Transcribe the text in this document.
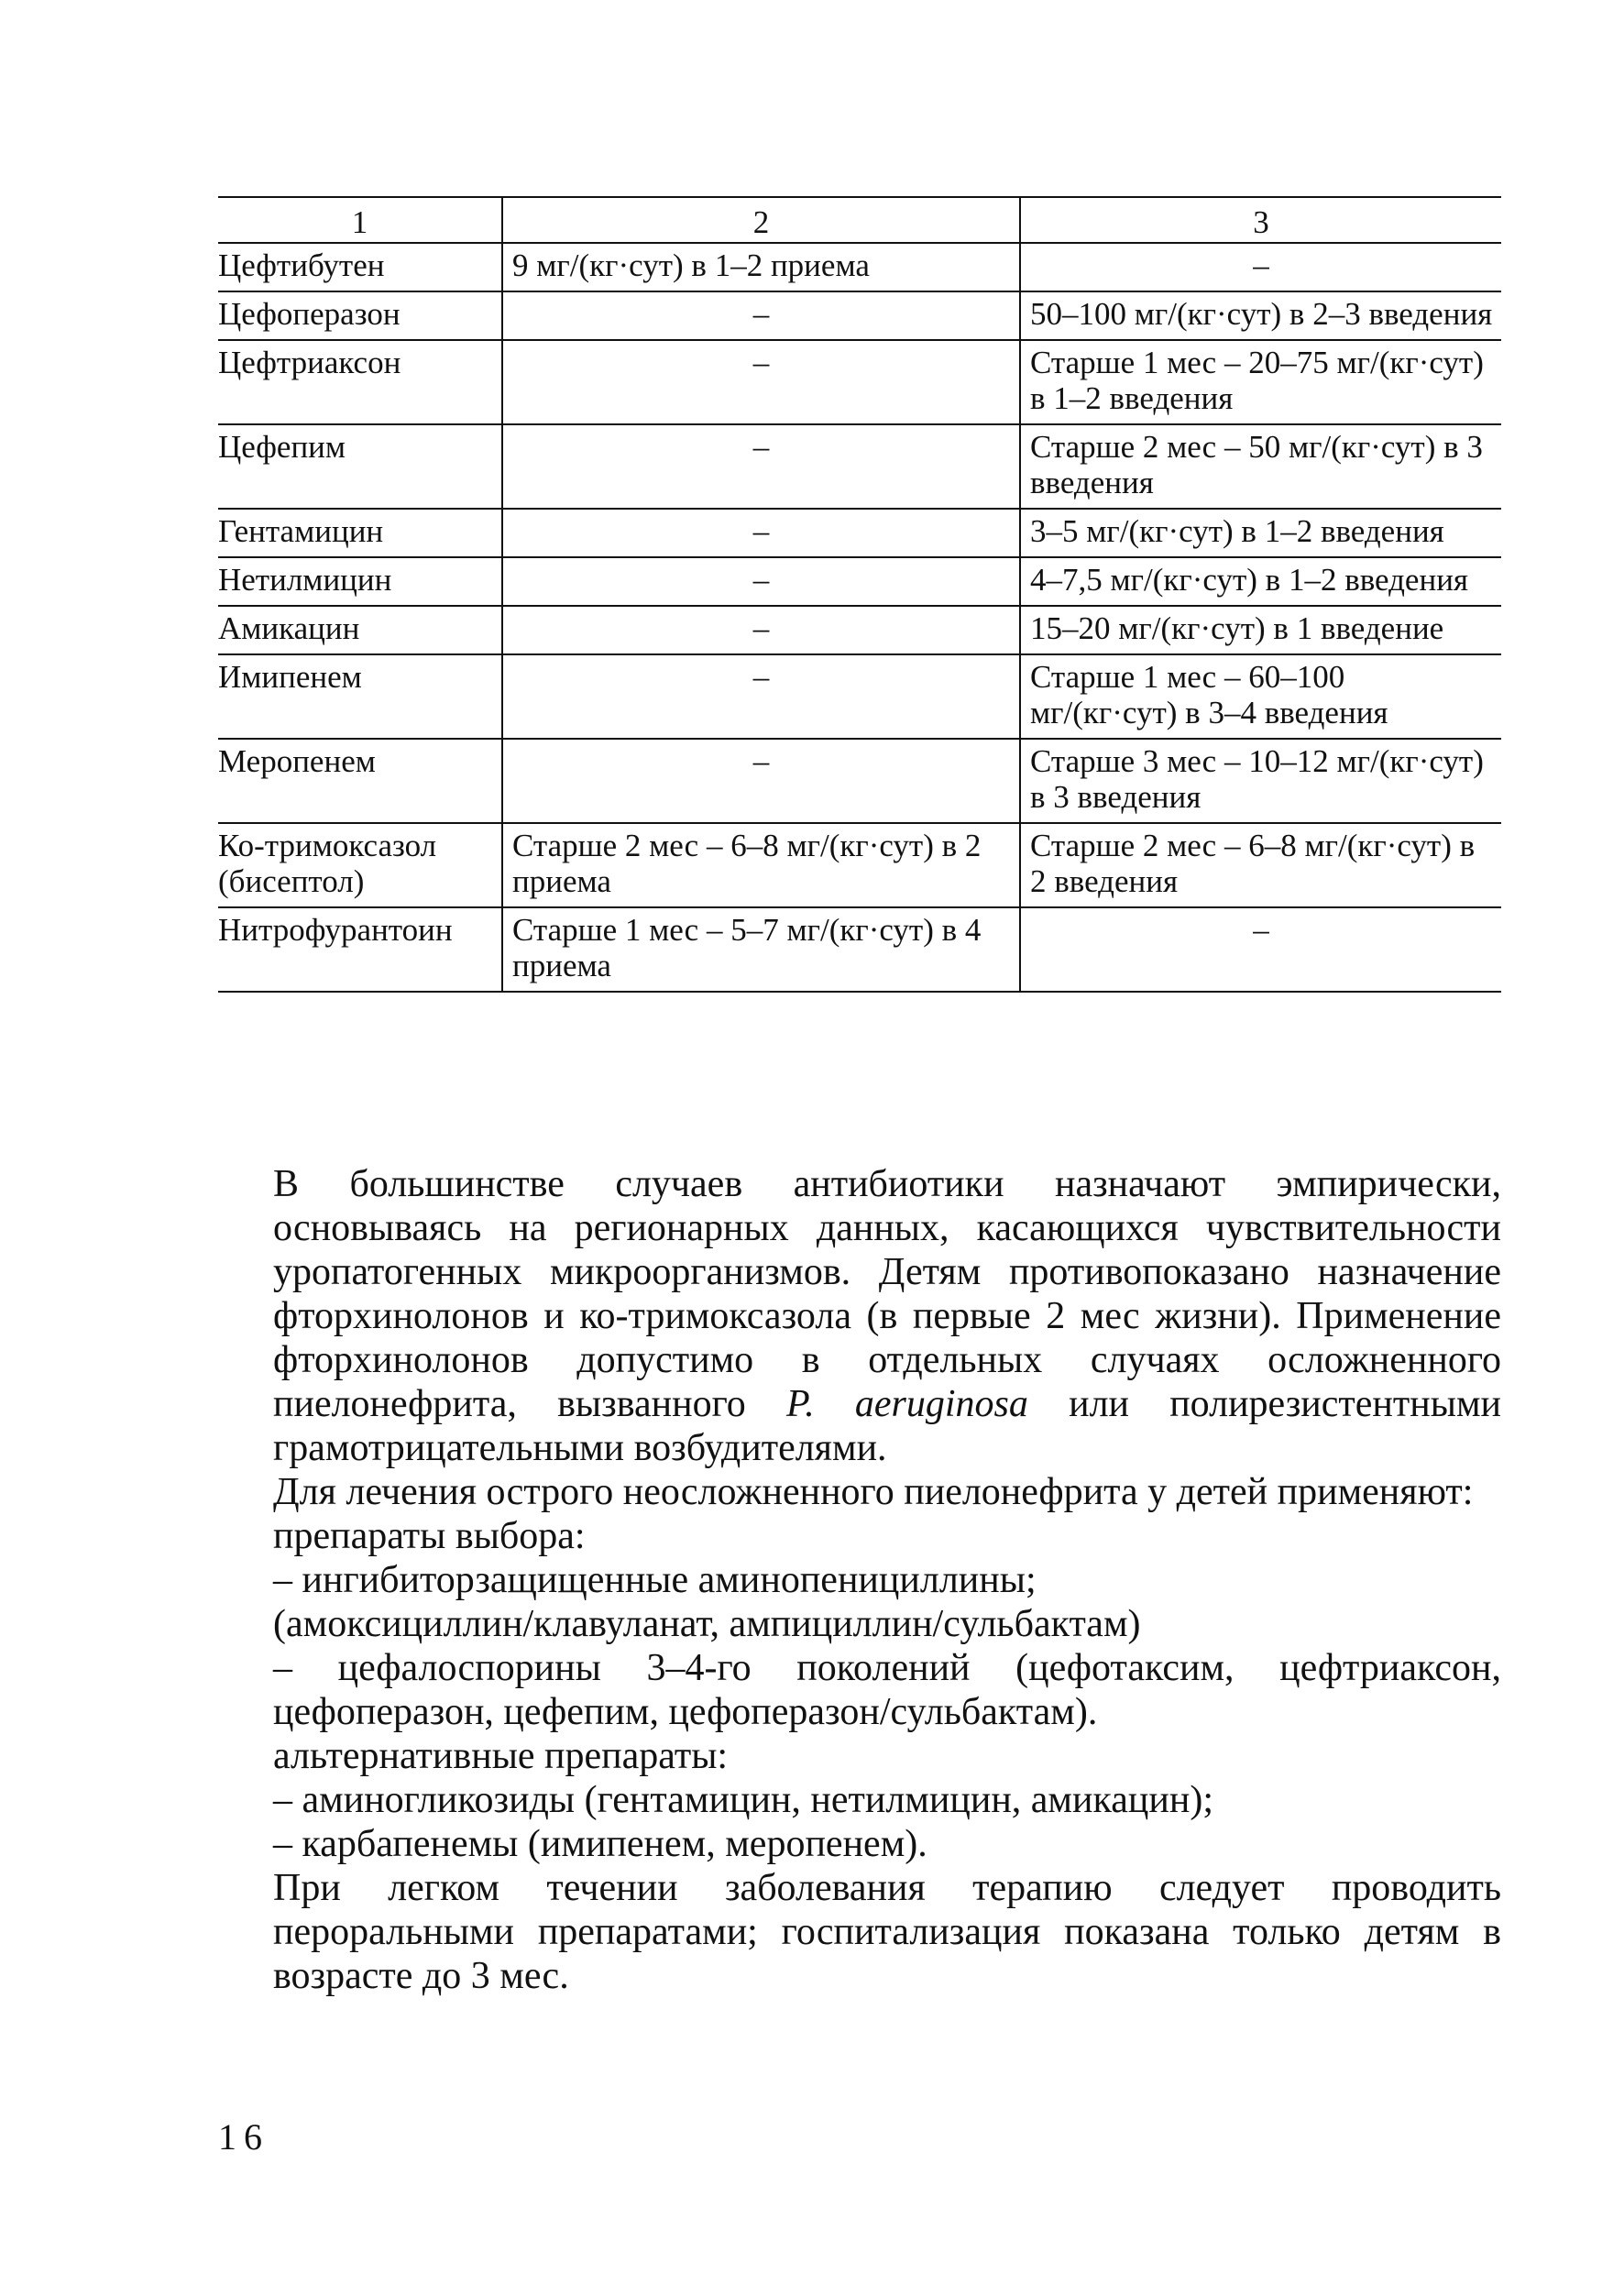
1	2	3
Цефтибутен	9 мг/(кг·сут) в 1–2 приема	–
Цефоперазон	–	50–100 мг/(кг·сут) в 2–3 введения
Цефтриаксон	–	Старше 1 мес – 20–75 мг/(кг·сут) в 1–2 введения
Цефепим	–	Старше 2 мес – 50 мг/(кг·сут) в 3 введения
Гентамицин	–	3–5 мг/(кг·сут) в 1–2 введения
Нетилмицин	–	4–7,5 мг/(кг·сут) в 1–2 введения
Амикацин	–	15–20 мг/(кг·сут) в 1 введение
Имипенем	–	Старше 1 мес – 60–100 мг/(кг·сут) в 3–4 введения
Меропенем	–	Старше 3 мес – 10–12 мг/(кг·сут) в 3 введения
Ко-тримоксазол (бисептол)	Старше 2 мес – 6–8 мг/(кг·сут) в 2 приема	Старше 2 мес – 6–8 мг/(кг·сут) в 2 введения
Нитрофурантоин	Старше 1 мес – 5–7 мг/(кг·сут) в 4 приема	–

В большинстве случаев антибиотики назначают эмпирически, основываясь на регионарных данных, касающихся чувствительности уропатогенных микроорганизмов. Детям противопоказано назначение фторхинолонов и ко-тримоксазола (в первые 2 мес жизни). Применение фторхинолонов допустимо в отдельных случаях осложненного пиелонефрита, вызванного P. aeruginosa или полирезистентными грамотрицательными возбудителями.

Для лечения острого неосложненного пиелонефрита у детей применяют:

препараты выбора:

– ингибиторзащищенные аминопенициллины;

(амоксициллин/клавуланат, ампициллин/сульбактам)

– цефалоспорины 3–4-го поколений (цефотаксим, цефтриаксон, цефоперазон, цефепим, цефоперазон/сульбактам).

альтернативные препараты:

– аминогликозиды (гентамицин, нетилмицин, амикацин);

– карбапенемы (имипенем, меропенем).

При легком течении заболевания терапию следует проводить пероральными препаратами; госпитализация показана только детям в возрасте до 3 мес.

16
